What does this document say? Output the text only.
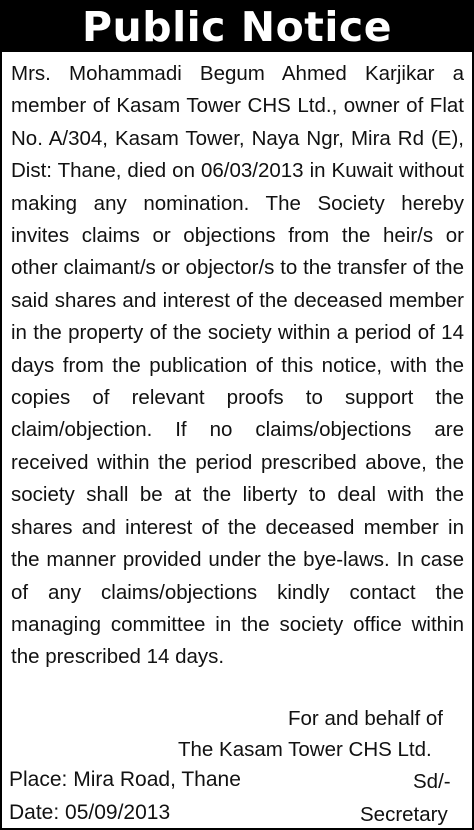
Public Notice
Mrs. Mohammadi Begum Ahmed Karjikar a member of Kasam Tower CHS Ltd., owner of Flat No. A/304, Kasam Tower, Naya Ngr, Mira Rd (E), Dist: Thane, died on 06/03/2013 in Kuwait without making any nomination. The Society hereby invites claims or objections from the heir/s or other claimant/s or objector/s to the transfer of the said shares and interest of the deceased member in the property of the society within a period of 14 days from the publication of this notice, with the copies of relevant proofs to support the claim/objection. If no claims/objections are received within the period prescribed above, the society shall be at the liberty to deal with the shares and interest of the deceased member in the manner provided under the bye-laws. In case of any claims/objections kindly contact the managing committee in the society office within the prescribed 14 days.
For and behalf of
The Kasam Tower CHS Ltd.
Place: Mira Road, Thane	Sd/-
Date: 05/09/2013	Secretary
